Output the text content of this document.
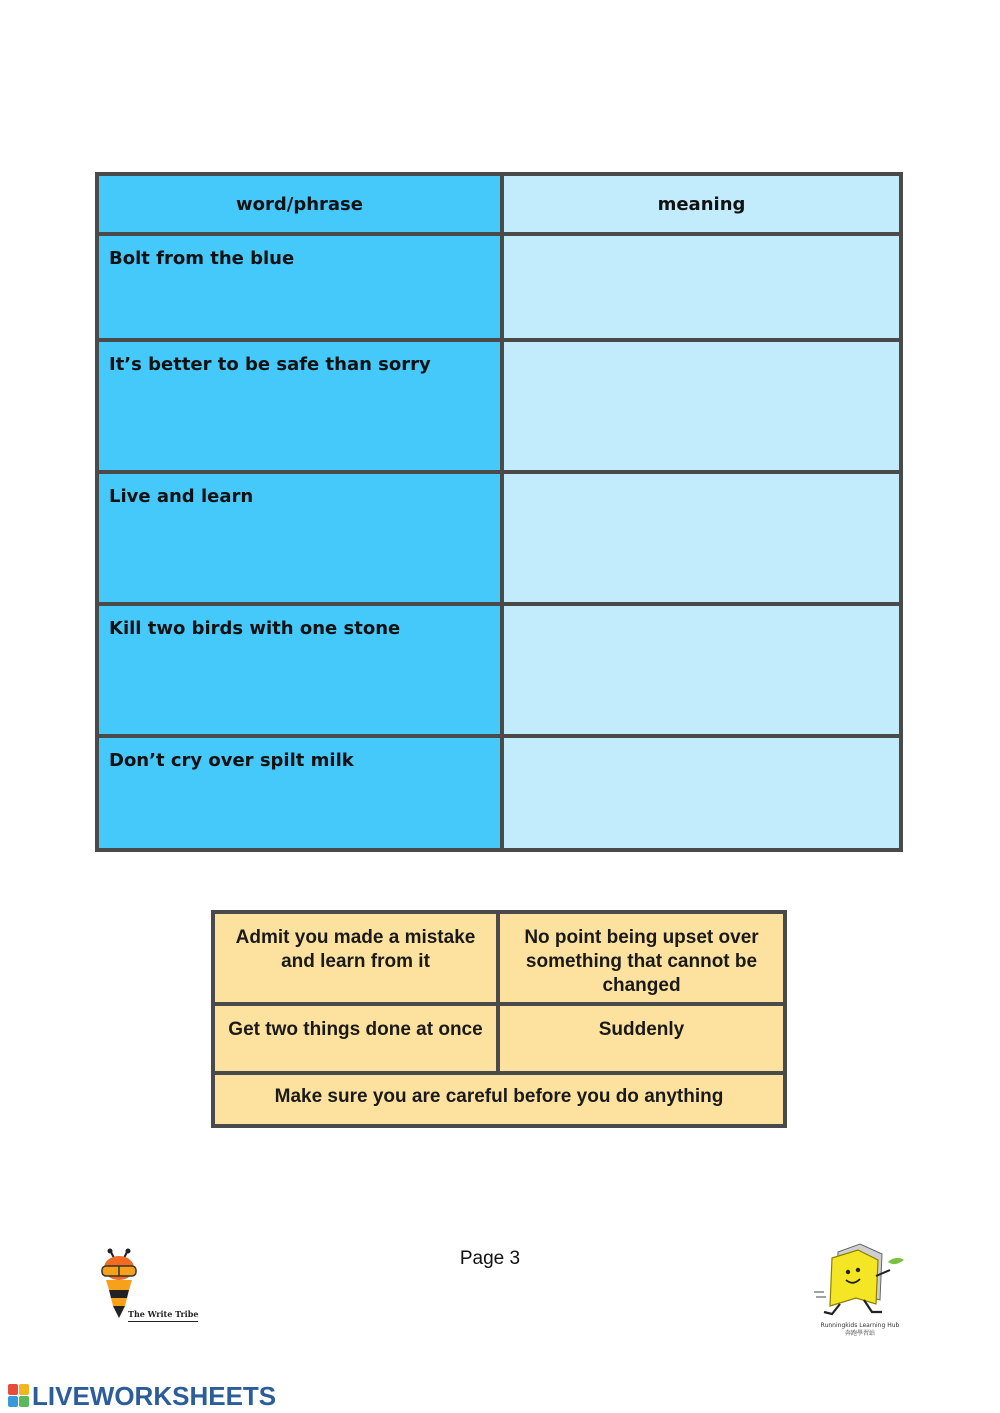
word/phrase	meaning
Bolt from the blue
It’s better to be safe than sorry
Live and learn
Kill two birds with one stone
Don’t cry over spilt milk
Admit you made a mistake and learn from it
No point being upset over something that cannot be changed
Get two things done at once	Suddenly
Make sure you are careful before you do anything
The Write Tribe
Page 3
Runningkids Learning Hub
奔跑學習站
LIVEWORKSHEETS
